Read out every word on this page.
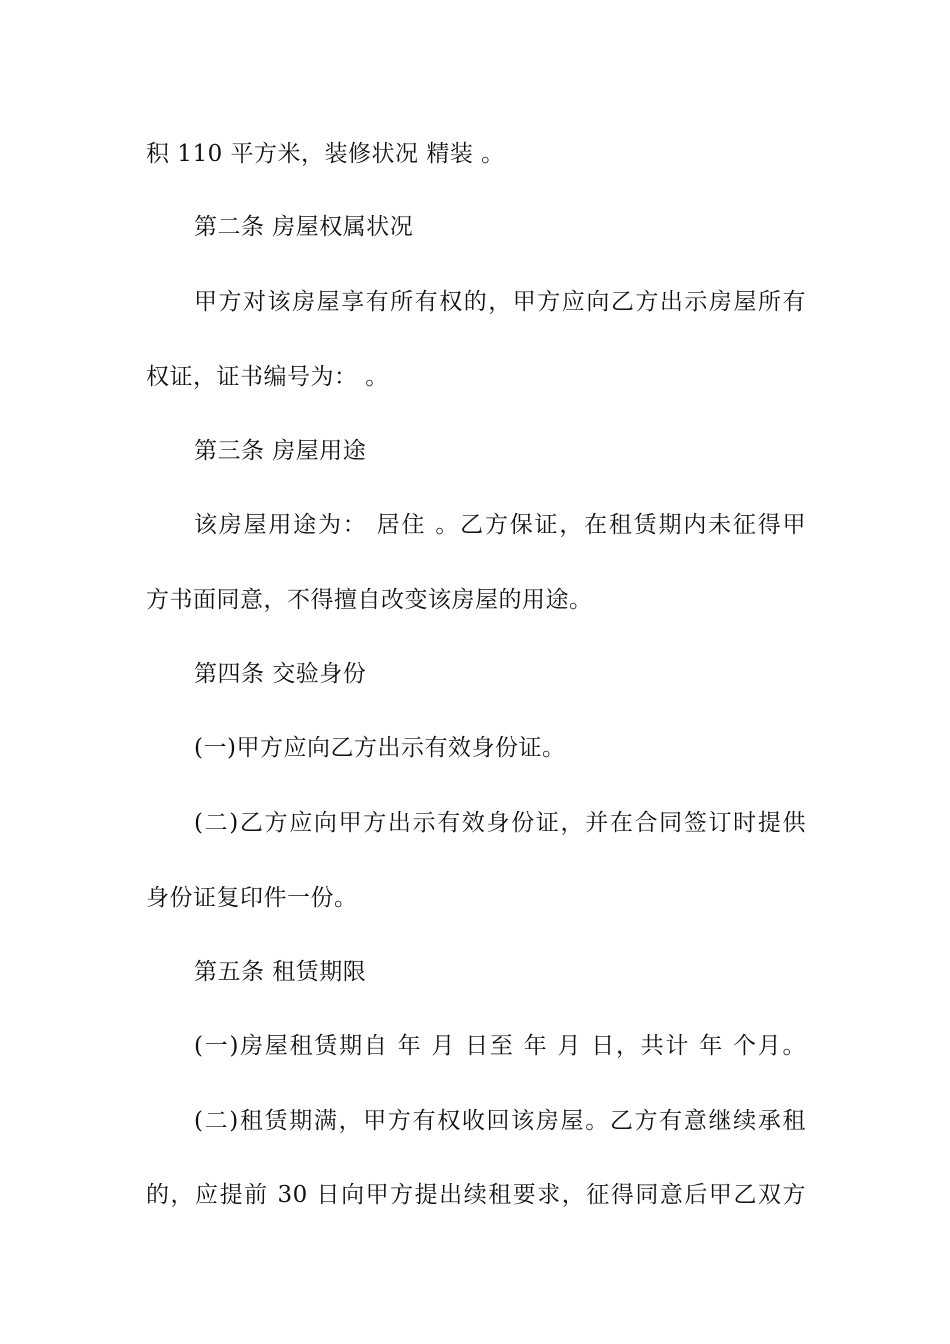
积 110 平方米，装修状况 精装 。
第二条 房屋权属状况
甲方对该房屋享有所有权的，甲方应向乙方出示房屋所有
权证，证书编号为： 。
第三条 房屋用途
该房屋用途为： 居住 。乙方保证，在租赁期内未征得甲
方书面同意，不得擅自改变该房屋的用途。
第四条 交验身份
(一)甲方应向乙方出示有效身份证。
(二)乙方应向甲方出示有效身份证，并在合同签订时提供
身份证复印件一份。
第五条 租赁期限
(一)房屋租赁期自 年 月 日至 年 月 日，共计 年 个月。
(二)租赁期满，甲方有权收回该房屋。乙方有意继续承租
的，应提前 30 日向甲方提出续租要求，征得同意后甲乙双方
